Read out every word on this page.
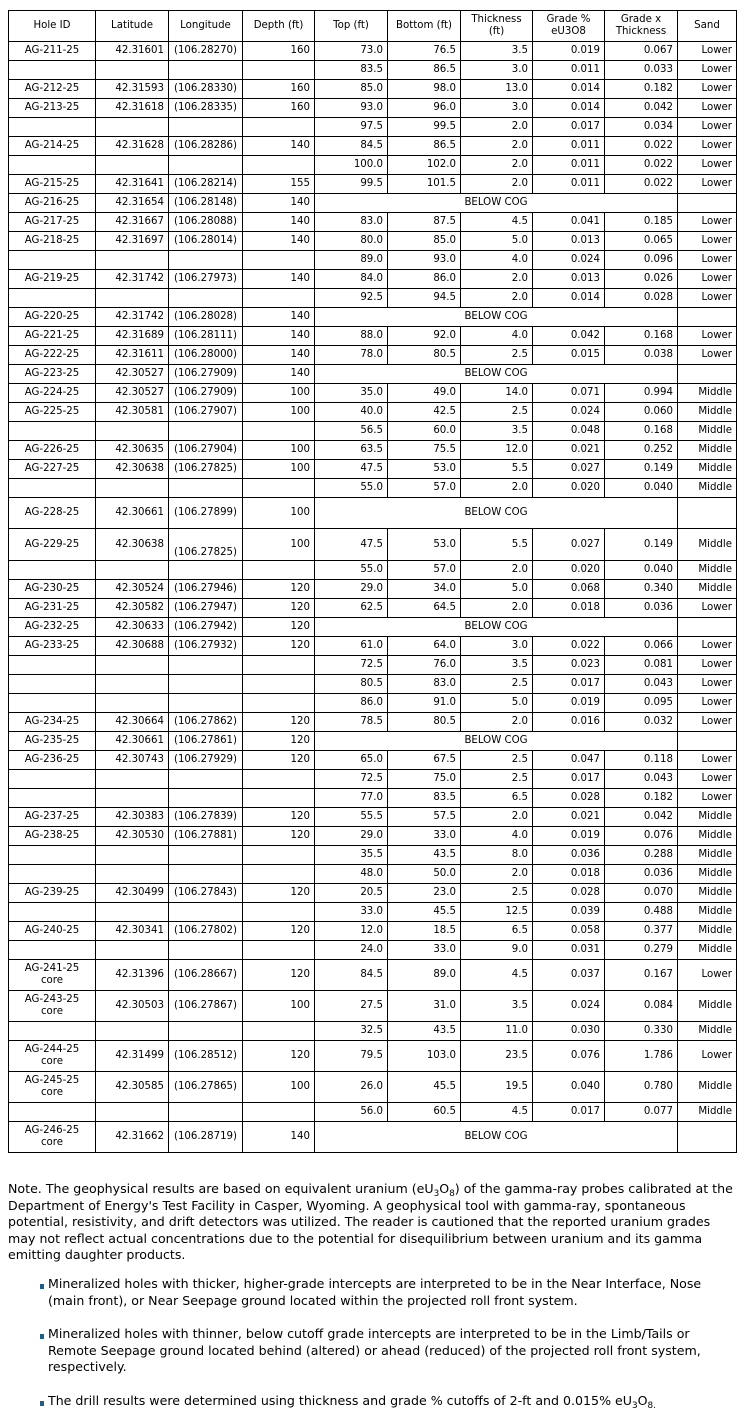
Hole ID	Latitude	Longitude	Depth (ft)	Top (ft)	Bottom (ft)	Thickness (ft)	Grade % eU3O8	Grade x Thickness	Sand
AG-211-25	42.31601	(106.28270)	160	73.0	76.5	3.5	0.019	0.067	Lower
				83.5	86.5	3.0	0.011	0.033	Lower
AG-212-25	42.31593	(106.28330)	160	85.0	98.0	13.0	0.014	0.182	Lower
AG-213-25	42.31618	(106.28335)	160	93.0	96.0	3.0	0.014	0.042	Lower
				97.5	99.5	2.0	0.017	0.034	Lower
AG-214-25	42.31628	(106.28286)	140	84.5	86.5	2.0	0.011	0.022	Lower
				100.0	102.0	2.0	0.011	0.022	Lower
AG-215-25	42.31641	(106.28214)	155	99.5	101.5	2.0	0.011	0.022	Lower
AG-216-25	42.31654	(106.28148)	140	BELOW COG					
AG-217-25	42.31667	(106.28088)	140	83.0	87.5	4.5	0.041	0.185	Lower
AG-218-25	42.31697	(106.28014)	140	80.0	85.0	5.0	0.013	0.065	Lower
				89.0	93.0	4.0	0.024	0.096	Lower
AG-219-25	42.31742	(106.27973)	140	84.0	86.0	2.0	0.013	0.026	Lower
				92.5	94.5	2.0	0.014	0.028	Lower
AG-220-25	42.31742	(106.28028)	140	BELOW COG					
AG-221-25	42.31689	(106.28111)	140	88.0	92.0	4.0	0.042	0.168	Lower
AG-222-25	42.31611	(106.28000)	140	78.0	80.5	2.5	0.015	0.038	Lower
AG-223-25	42.30527	(106.27909)	140	BELOW COG					
AG-224-25	42.30527	(106.27909)	100	35.0	49.0	14.0	0.071	0.994	Middle
AG-225-25	42.30581	(106.27907)	100	40.0	42.5	2.5	0.024	0.060	Middle
				56.5	60.0	3.5	0.048	0.168	Middle
AG-226-25	42.30635	(106.27904)	100	63.5	75.5	12.0	0.021	0.252	Middle
AG-227-25	42.30638	(106.27825)	100	47.5	53.0	5.5	0.027	0.149	Middle
				55.0	57.0	2.0	0.020	0.040	Middle
AG-228-25	42.30661	(106.27899)	100	BELOW COG					
AG-229-25	42.30638	(106.27825)	100	47.5	53.0	5.5	0.027	0.149	Middle
				55.0	57.0	2.0	0.020	0.040	Middle
AG-230-25	42.30524	(106.27946)	120	29.0	34.0	5.0	0.068	0.340	Middle
AG-231-25	42.30582	(106.27947)	120	62.5	64.5	2.0	0.018	0.036	Lower
AG-232-25	42.30633	(106.27942)	120	BELOW COG					
AG-233-25	42.30688	(106.27932)	120	61.0	64.0	3.0	0.022	0.066	Lower
				72.5	76.0	3.5	0.023	0.081	Lower
				80.5	83.0	2.5	0.017	0.043	Lower
				86.0	91.0	5.0	0.019	0.095	Lower
AG-234-25	42.30664	(106.27862)	120	78.5	80.5	2.0	0.016	0.032	Lower
AG-235-25	42.30661	(106.27861)	120	BELOW COG					
AG-236-25	42.30743	(106.27929)	120	65.0	67.5	2.5	0.047	0.118	Lower
				72.5	75.0	2.5	0.017	0.043	Lower
				77.0	83.5	6.5	0.028	0.182	Lower
AG-237-25	42.30383	(106.27839)	120	55.5	57.5	2.0	0.021	0.042	Middle
AG-238-25	42.30530	(106.27881)	120	29.0	33.0	4.0	0.019	0.076	Middle
				35.5	43.5	8.0	0.036	0.288	Middle
				48.0	50.0	2.0	0.018	0.036	Middle
AG-239-25	42.30499	(106.27843)	120	20.5	23.0	2.5	0.028	0.070	Middle
				33.0	45.5	12.5	0.039	0.488	Middle
AG-240-25	42.30341	(106.27802)	120	12.0	18.5	6.5	0.058	0.377	Middle
				24.0	33.0	9.0	0.031	0.279	Middle
AG-241-25 core	42.31396	(106.28667)	120	84.5	89.0	4.5	0.037	0.167	Lower
AG-243-25 core	42.30503	(106.27867)	100	27.5	31.0	3.5	0.024	0.084	Middle
				32.5	43.5	11.0	0.030	0.330	Middle
AG-244-25 core	42.31499	(106.28512)	120	79.5	103.0	23.5	0.076	1.786	Lower
AG-245-25 core	42.30585	(106.27865)	100	26.0	45.5	19.5	0.040	0.780	Middle
				56.0	60.5	4.5	0.017	0.077	Middle
AG-246-25 core	42.31662	(106.28719)	140	BELOW COG					

Note. The geophysical results are based on equivalent uranium $(eU_3O_8)$ of the gamma-ray probes calibrated at the Department of Energy's Test Facility in Casper, Wyoming. A geophysical tool with gamma-ray, spontaneous potential, resistivity, and drift detectors was utilized. The reader is cautioned that the reported uranium grades may not reflect actual concentrations due to the potential for disequilibrium between uranium and its gamma emitting daughter products.

Mineralized holes with thicker, higher-grade intercepts are interpreted to be in the Near Interface, Nose (main front), or Near Seepage ground located within the projected roll front system.
Mineralized holes with thinner, below cutoff grade intercepts are interpreted to be in the Limb/Tails or Remote Seepage ground located behind (altered) or ahead (reduced) of the projected roll front system, respectively.
The drill results were determined using thickness and grade % cutoffs of 2-ft and 0.015% $eU_3O_{8.}$
